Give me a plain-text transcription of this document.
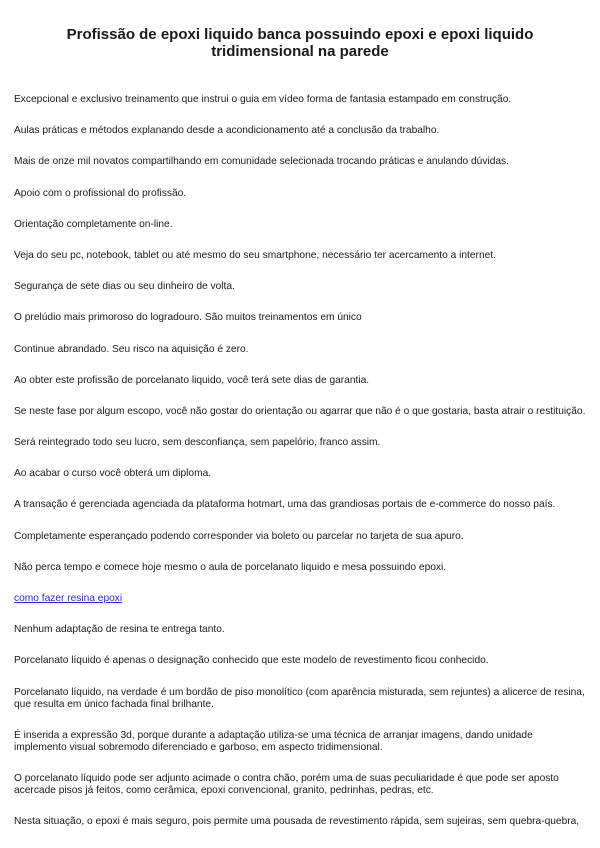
Profissão de epoxi liquido banca possuindo epoxi e epoxi liquido tridimensional na parede

Excepcional e exclusivo treinamento que instrui o guia em vídeo forma de fantasia estampado em construção.

Aulas práticas e métodos explanando desde a acondicionamento até a conclusão da trabalho.

Mais de onze mil novatos compartilhando em comunidade selecionada trocando práticas e anulando dúvidas.

Apoio com o profissional do profissão.

Orientação completamente on-line.

Veja do seu pc, notebook, tablet ou até mesmo do seu smartphone, necessário ter acercamento a internet.

Segurança de sete dias ou seu dinheiro de volta.

O prelúdio mais primoroso do logradouro. São muitos treinamentos em único

Continue abrandado. Seu risco na aquisição é zero.

Ao obter este profissão de porcelanato liquido, você terá sete dias de garantia.

Se neste fase por algum escopo, você não gostar do orientação ou agarrar que não é o que gostaria, basta atrair o restituição.

Será reintegrado todo seu lucro, sem desconfiança, sem papelório, franco assim.

Ao acabar o curso você obterá um diploma.

A transação é gerenciada agenciada da plataforma hotmart, uma das grandiosas portais de e-commerce do nosso país.

Completamente esperançado podendo corresponder via boleto ou parcelar no tarjeta de sua apuro.

Não perca tempo e comece hoje mesmo o aula de porcelanato liquido e mesa possuindo epoxi.

como fazer resina epoxi

Nenhum adaptação de resina te entrega tanto.

Porcelanato líquido é apenas o designação conhecido que este modelo de revestimento ficou conhecido.

Porcelanato líquido, na verdade é um bordão de piso monolítico (com aparência misturada, sem rejuntes) a alicerce de resina, que resulta em único fachada final brilhante.

É inserida a expressão 3d, porque durante a adaptação utiliza-se uma técnica de arranjar imagens, dando unidade implemento visual sobremodo diferenciado e garboso, em aspecto tridimensional.

O porcelanato líquido pode ser adjunto acimade o contra chão, porém uma de suas peculiaridade é que pode ser aposto acercade pisos já feitos, como cerâmica, epoxi convencional, granito, pedrinhas, pedras, etc.

Nesta situação, o epoxi é mais seguro, pois permite uma pousada de revestimento rápida, sem sujeiras, sem quebra-quebra,
